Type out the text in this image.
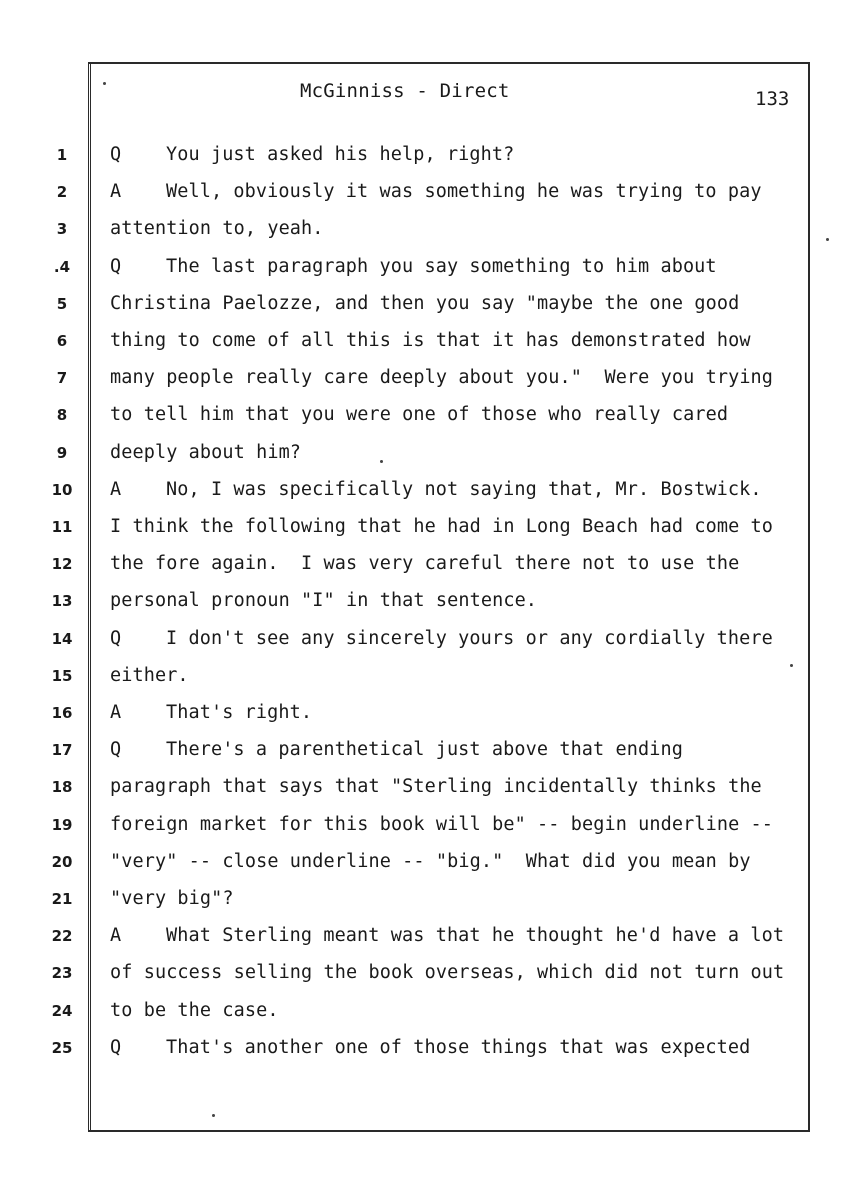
McGinniss - Direct	133
1	Q You just asked his help, right?
2	A Well, obviously it was something he was trying to pay
3	attention to, yeah.
.4	Q The last paragraph you say something to him about
5	Christina Paelozze, and then you say "maybe the one good
6	thing to come of all this is that it has demonstrated how
7	many people really care deeply about you."  Were you trying
8	to tell him that you were one of those who really cared
9	deeply about him?
10	A No, I was specifically not saying that, Mr. Bostwick.
11	I think the following that he had in Long Beach had come to
12	the fore again.  I was very careful there not to use the
13	personal pronoun "I" in that sentence.
14	Q I don't see any sincerely yours or any cordially there
15	either.
16	A That's right.
17	Q There's a parenthetical just above that ending
18	paragraph that says that "Sterling incidentally thinks the
19	foreign market for this book will be" -- begin underline --
20	"very" -- close underline -- "big."  What did you mean by
21	"very big"?
22	A What Sterling meant was that he thought he'd have a lot
23	of success selling the book overseas, which did not turn out
24	to be the case.
25	Q That's another one of those things that was expected
